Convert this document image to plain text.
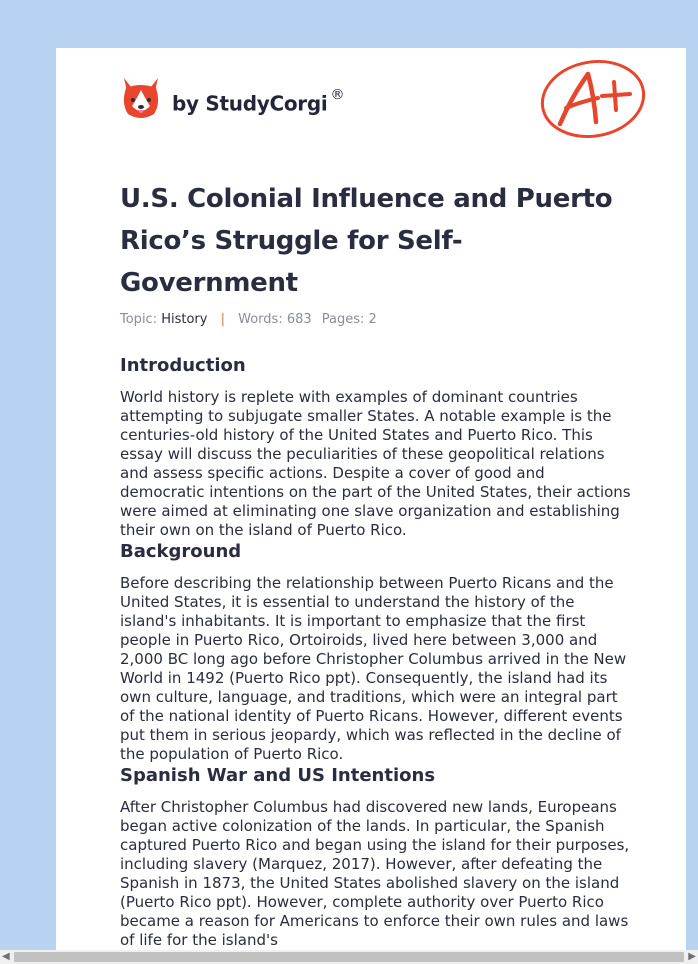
by StudyCorgi ®
U.S. Colonial Influence and Puerto Rico’s Struggle for Self-Government
Topic: History | Words: 683 Pages: 2
Introduction

World history is replete with examples of dominant countries attempting to subjugate smaller States. A notable example is the centuries-old history of the United States and Puerto Rico. This essay will discuss the peculiarities of these geopolitical relations and assess specific actions. Despite a cover of good and democratic intentions on the part of the United States, their actions were aimed at eliminating one slave organization and establishing their own on the island of Puerto Rico.

Background

Before describing the relationship between Puerto Ricans and the United States, it is essential to understand the history of the island's inhabitants. It is important to emphasize that the first people in Puerto Rico, Ortoiroids, lived here between 3,000 and 2,000 BC long ago before Christopher Columbus arrived in the New World in 1492 (Puerto Rico ppt). Consequently, the island had its own culture, language, and traditions, which were an integral part of the national identity of Puerto Ricans. However, different events put them in serious jeopardy, which was reflected in the decline of the population of Puerto Rico.

Spanish War and US Intentions

After Christopher Columbus had discovered new lands, Europeans began active colonization of the lands. In particular, the Spanish captured Puerto Rico and began using the island for their purposes, including slavery (Marquez, 2017). However, after defeating the Spanish in 1873, the United States abolished slavery on the island (Puerto Rico ppt). However, complete authority over Puerto Rico became a reason for Americans to enforce their own rules and laws of life for the island's

◀	▶
